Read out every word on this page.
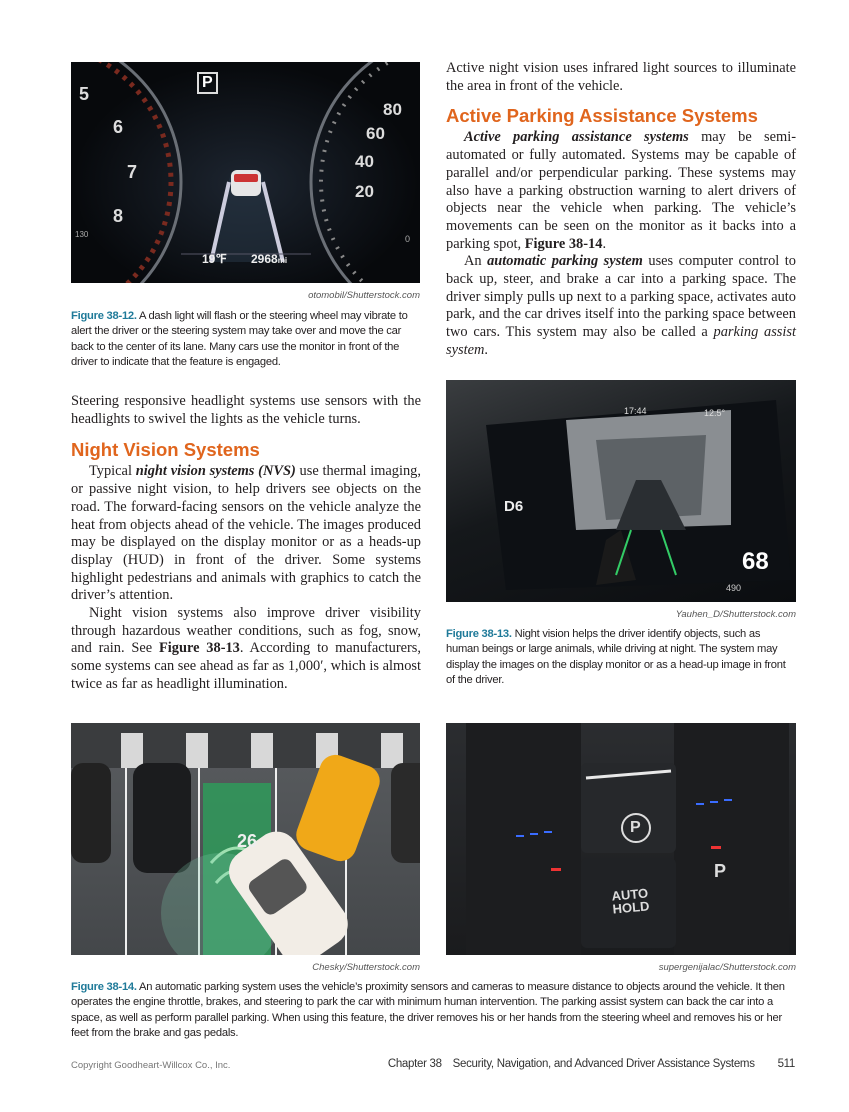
P
5
6
7
8
130
80
60
40
20
0
19℉ 2968mi
otomobil/Shutterstock.com
Figure 38-12. A dash light will flash or the steering wheel may vibrate to alert the driver or the steering system may take over and move the car back to the center of its lane. Many cars use the monitor in front of the driver to indicate that the feature is engaged.

Steering responsive headlight systems use sensors with the headlights to swivel the lights as the vehicle turns.

Night Vision Systems

Typical night vision systems (NVS) use thermal imaging, or passive night vision, to help drivers see objects on the road. The forward-facing sensors on the vehicle analyze the heat from objects ahead of the vehicle. The images produced may be displayed on the display monitor or as a heads-up display (HUD) in front of the driver. Some systems highlight pedestrians and animals with graphics to catch the driver’s attention.

Night vision systems also improve driver visibility through hazardous weather conditions, such as fog, snow, and rain. See Figure 38-13. According to manufacturers, some systems can see ahead as far as 1,000′, which is almost twice as far as headlight illumination.

Active night vision uses infrared light sources to illuminate the area in front of the vehicle.

Active Parking Assistance Systems

Active parking assistance systems may be semi-automated or fully automated. Systems may be capable of parallel and/or perpendicular parking. These systems may also have a parking obstruction warning to alert drivers of objects near the vehicle when parking. The vehicle’s movements can be seen on the monitor as it backs into a parking spot, Figure 38-14.

An automatic parking system uses computer control to back up, steer, and brake a car into a parking space. The driver simply pulls up next to a parking space, activates auto park, and the car drives itself into the parking space between two cars. This system may also be called a parking assist system.

17:44	12.5°
D6
68
490
Yauhen_D/Shutterstock.com
Figure 38-13. Night vision helps the driver identify objects, such as human beings or large animals, while driving at night. The system may display the images on the display monitor or as a head-up image in front of the driver.
26
P
AUTO
HOLD
P
Chesky/Shutterstock.com	supergenijalac/Shutterstock.com
Figure 38-14. An automatic parking system uses the vehicle’s proximity sensors and cameras to measure distance to objects around the vehicle. It then operates the engine throttle, brakes, and steering to park the car with minimum human intervention. The parking assist system can back the car into a space, as well as perform parallel parking. When using this feature, the driver removes his or her hands from the steering wheel and removes his or her feet from the brake and gas pedals.
Copyright Goodheart-Willcox Co., Inc.	Chapter 38 Security, Navigation, and Advanced Driver Assistance Systems 511
